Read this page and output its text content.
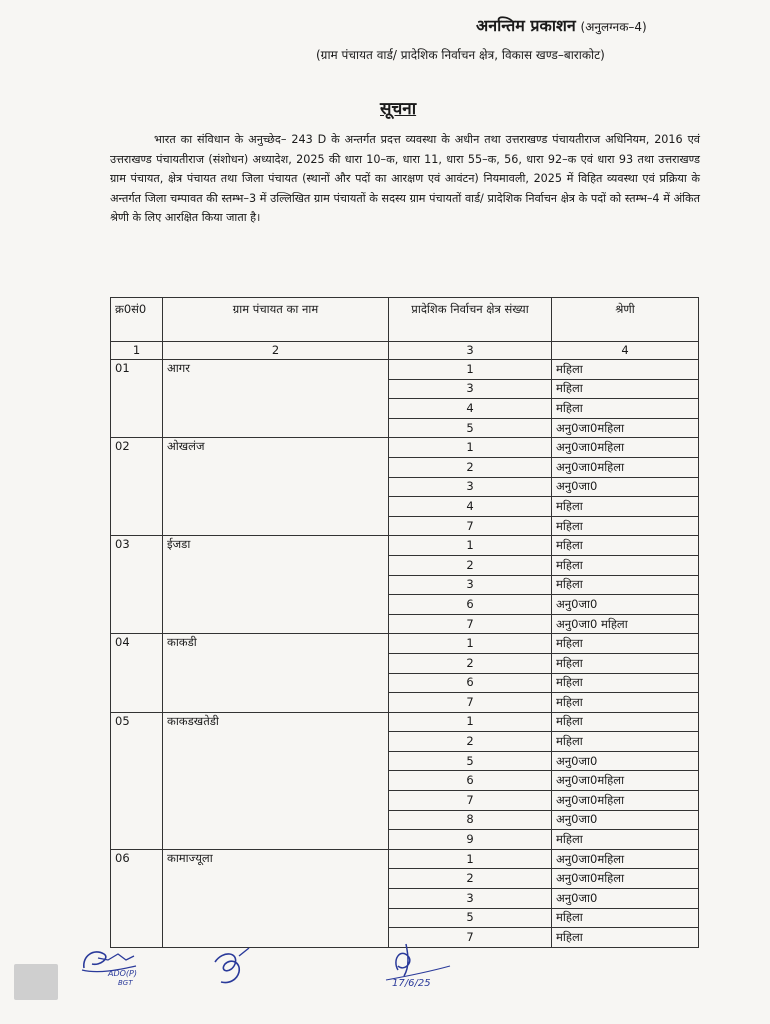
अनन्तिम प्रकाशन (अनुलग्नक–4)
(ग्राम पंचायत वार्ड/ प्रादेशिक निर्वाचन क्षेत्र, विकास खण्ड–बाराकोट)
सूचना

भारत का संविधान के अनुच्छेद– 243 D के अन्तर्गत प्रदत्त व्यवस्था के अधीन तथा उत्तराखण्ड पंचायतीराज अधिनियम, 2016 एवं उत्तराखण्ड पंचायतीराज (संशोधन) अध्यादेश, 2025 की धारा 10–क, धारा 11, धारा 55–क, 56, धारा 92–क एवं धारा 93 तथा उत्तराखण्ड ग्राम पंचायत, क्षेत्र पंचायत तथा जिला पंचायत (स्थानों और पदों का आरक्षण एवं आवंटन) नियमावली, 2025 में विहित व्यवस्था एवं प्रक्रिया के अन्तर्गत जिला चम्पावत की स्तम्भ–3 में उल्लिखित ग्राम पंचायतों के सदस्य ग्राम पंचायतों वार्ड/ प्रादेशिक निर्वाचन क्षेत्र के पदों को स्तम्भ–4 में अंकित श्रेणी के लिए आरक्षित किया जाता है।

क्र0सं0	ग्राम पंचायत का नाम	प्रादेशिक निर्वाचन क्षेत्र संख्या	श्रेणी
1	2	3	4
01	आगर	1	महिला
		3	महिला
		4	महिला
		5	अनु0जा0महिला
02	ओखलंज	1	अनु0जा0महिला
		2	अनु0जा0महिला
		3	अनु0जा0
		4	महिला
		7	महिला
03	ईजडा	1	महिला
		2	महिला
		3	महिला
		6	अनु0जा0
		7	अनु0जा0 महिला
04	काकडी	1	महिला
		2	महिला
		6	महिला
		7	महिला
05	काकडखतेडी	1	महिला
		2	महिला
		5	अनु0जा0
		6	अनु0जा0महिला
		7	अनु0जा0महिला
		8	अनु0जा0
		9	महिला
06	कामाज्यूला	1	अनु0जा0महिला
		2	अनु0जा0महिला
		3	अनु0जा0
		5	महिला
		7	महिला
ADO(P)
BGT	17/6/25
